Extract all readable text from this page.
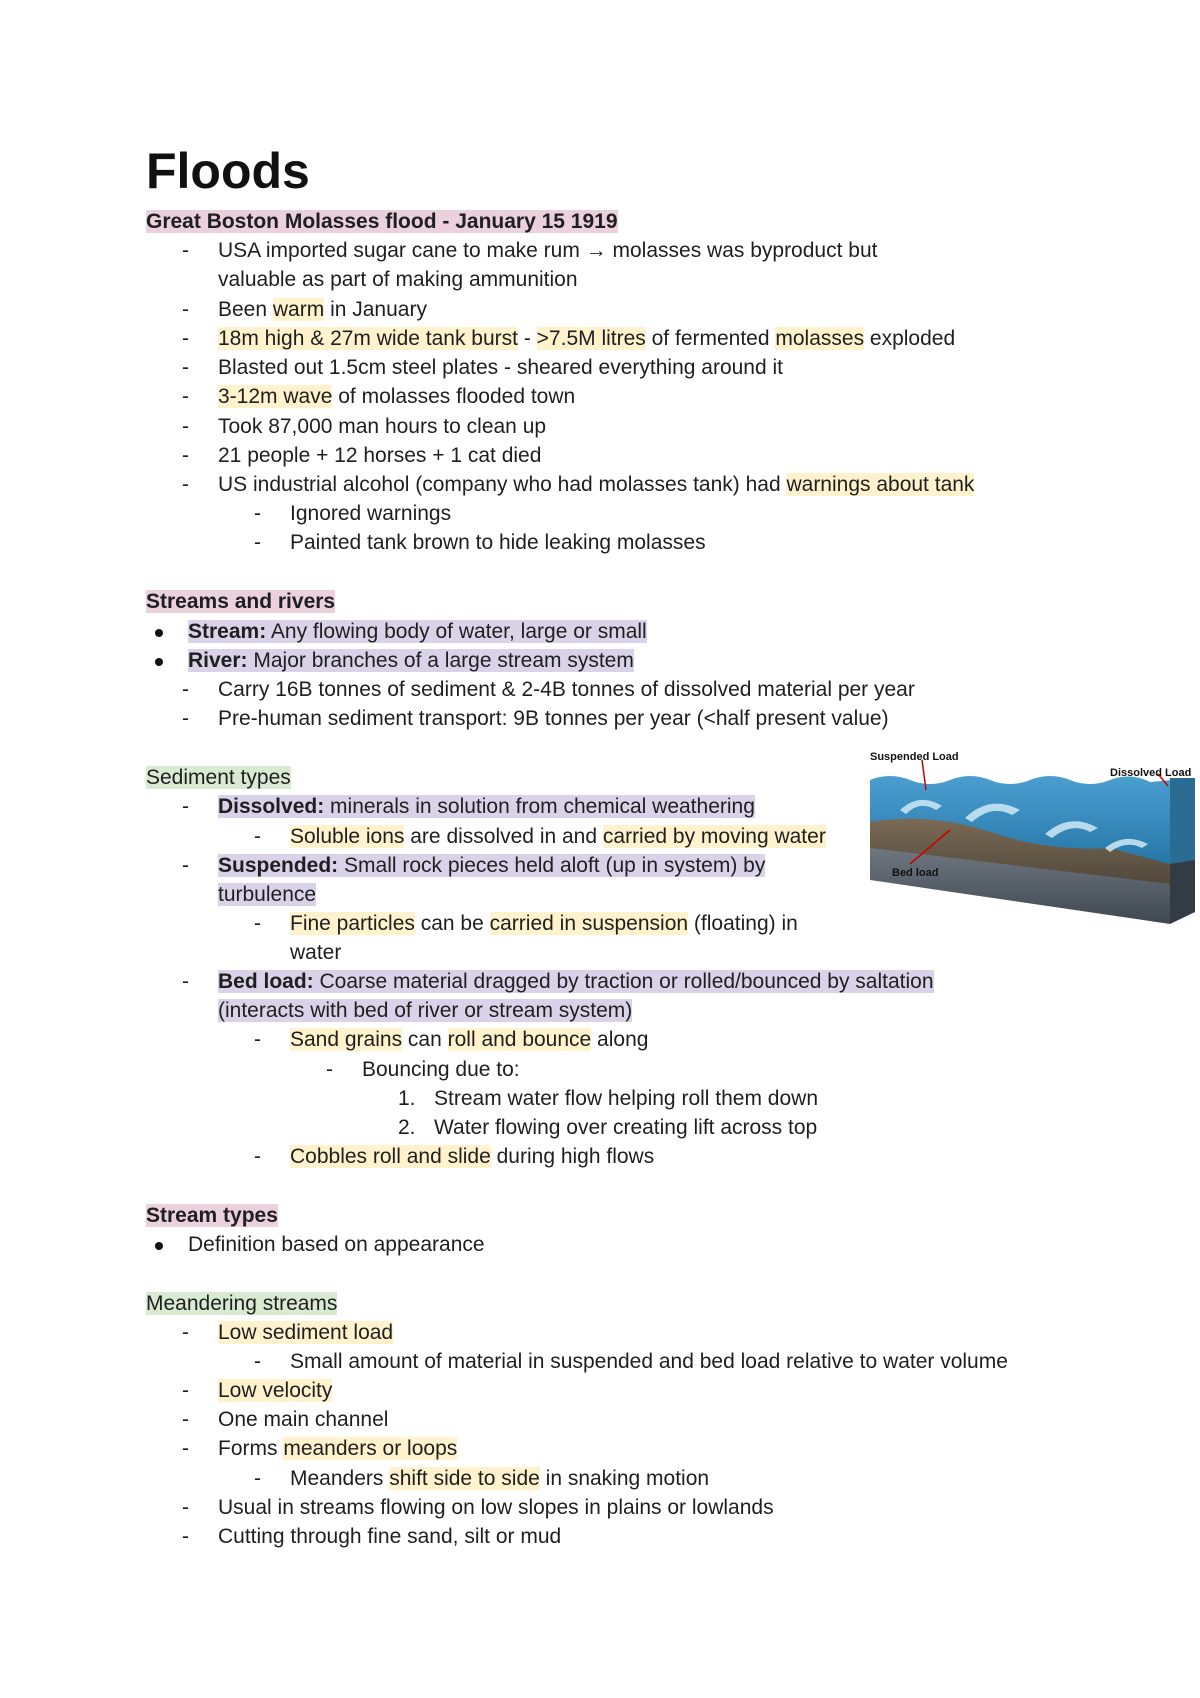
Floods
Great Boston Molasses flood - January 15 1919
- USA imported sugar cane to make rum → molasses was byproduct but
valuable as part of making ammunition
- Been warm in January
- 18m high & 27m wide tank burst - >7.5M litres of fermented molasses exploded
- Blasted out 1.5cm steel plates - sheared everything around it
- 3-12m wave of molasses flooded town
- Took 87,000 man hours to clean up
- 21 people + 12 horses + 1 cat died
- US industrial alcohol (company who had molasses tank) had warnings about tank
- Ignored warnings
- Painted tank brown to hide leaking molasses
Streams and rivers
Stream: Any flowing body of water, large or small
River: Major branches of a large stream system
- Carry 16B tonnes of sediment & 2-4B tonnes of dissolved material per year
- Pre-human sediment transport: 9B tonnes per year (<half present value)
Sediment types
- Dissolved: minerals in solution from chemical weathering
- Soluble ions are dissolved in and carried by moving water
- Suspended: Small rock pieces held aloft (up in system) by
turbulence
- Fine particles can be carried in suspension (floating) in
water
- Bed load: Coarse material dragged by traction or rolled/bounced by saltation
(interacts with bed of river or stream system)
- Sand grains can roll and bounce along
- Bouncing due to:
1. Stream water flow helping roll them down
2. Water flowing over creating lift across top
- Cobbles roll and slide during high flows
Suspended Load
Dissolved Load
Bed load
Stream types
Definition based on appearance
Meandering streams
- Low sediment load
- Small amount of material in suspended and bed load relative to water volume
- Low velocity
- One main channel
- Forms meanders or loops
- Meanders shift side to side in snaking motion
- Usual in streams flowing on low slopes in plains or lowlands
- Cutting through fine sand, silt or mud
